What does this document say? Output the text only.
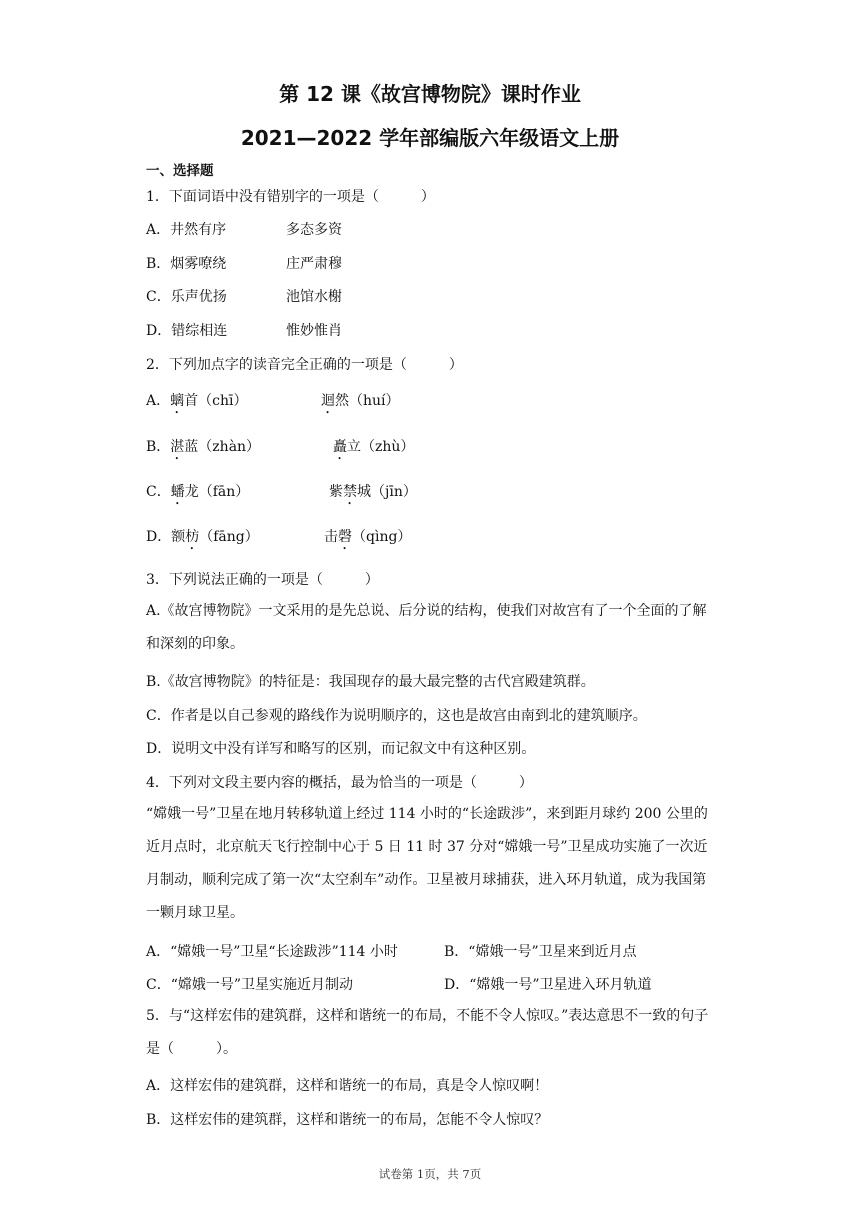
第 12 课《故宫博物院》课时作业
2021—2022 学年部编版六年级语文上册
一、选择题
1．下面词语中没有错别字的一项是（　　　）
A．井然有序	多态多资
B．烟雾嘹绕	庄严肃穆
C．乐声优扬	池馆水榭
D．错综相连	惟妙惟肖
2．下列加点字的读音完全正确的一项是（　　　）
A．螭首（chī）	迴然（huí）
B．湛蓝（zhàn）	矗立（zhù）
C．蟠龙（fān）	紫禁城（jīn）
D．额枋（fāng）	击磬（qìng）
3．下列说法正确的一项是（　　　）
A.《故宫博物院》一文采用的是先总说、后分说的结构，使我们对故宫有了一个全面的了解和深刻的印象。
B.《故宫博物院》的特征是：我国现存的最大最完整的古代宫殿建筑群。
C．作者是以自己参观的路线作为说明顺序的，这也是故宫由南到北的建筑顺序。
D．说明文中没有详写和略写的区别，而记叙文中有这种区别。
4．下列对文段主要内容的概括，最为恰当的一项是（　　　）
“嫦娥一号”卫星在地月转移轨道上经过 114 小时的“长途跋涉”，来到距月球约 200 公里的近月点时，北京航天飞行控制中心于 5 日 11 时 37 分对“嫦娥一号”卫星成功实施了一次近月制动，顺利完成了第一次“太空刹车”动作。卫星被月球捕获，进入环月轨道，成为我国第一颗月球卫星。
A．“嫦娥一号”卫星“长途跋涉”114 小时	B．“嫦娥一号”卫星来到近月点
C．“嫦娥一号”卫星实施近月制动	D．“嫦娥一号”卫星进入环月轨道
5．与“这样宏伟的建筑群，这样和谐统一的布局，不能不令人惊叹。”表达意思不一致的句子是（　　　）。
A．这样宏伟的建筑群，这样和谐统一的布局，真是令人惊叹啊！
B．这样宏伟的建筑群，这样和谐统一的布局，怎能不令人惊叹？
试卷第 1页，共 7页
